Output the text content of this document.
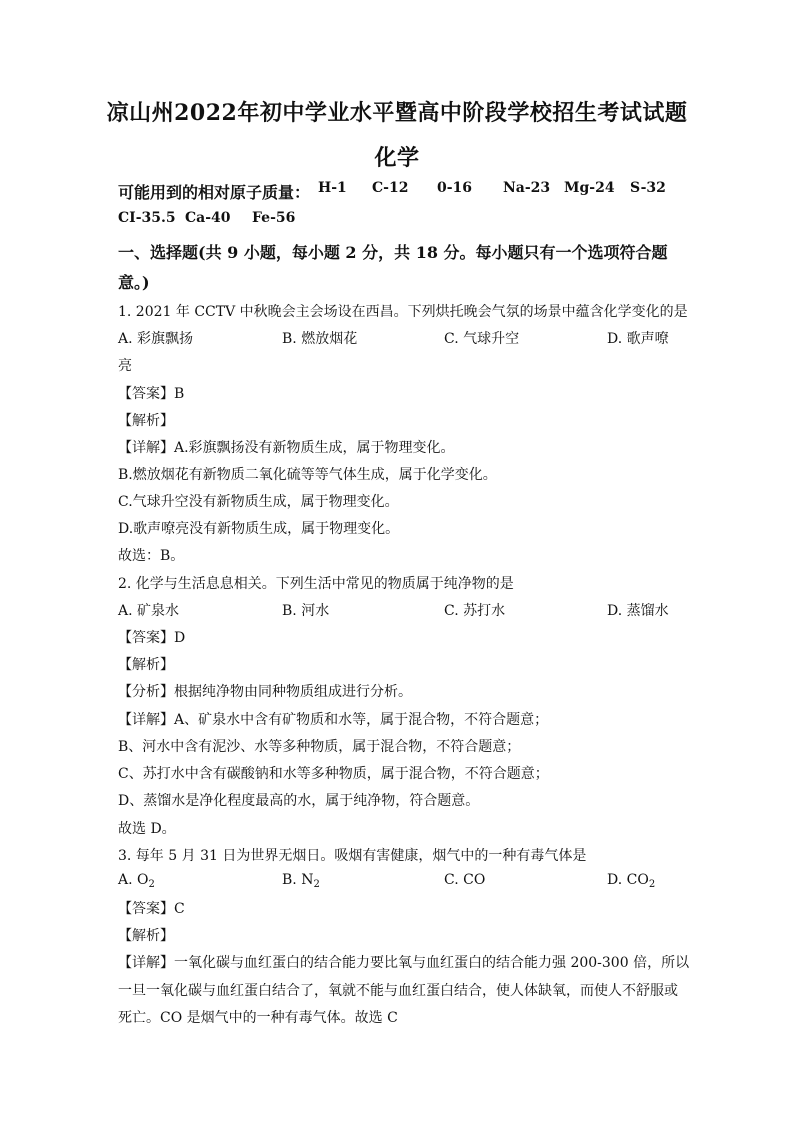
凉山州2022年初中学业水平暨高中阶段学校招生考试试题
化学
可能用到的相对原子质量： H-1 C-12 0-16 Na-23 Mg-24 S-32
CI-35.5 Ca-40 Fe-56
一、选择题(共 9 小题，每小题 2 分，共 18 分。每小题只有一个选项符合题
意。)
1. 2021 年 CCTV 中秋晚会主会场设在西昌。下列烘托晚会气氛的场景中蕴含化学变化的是
A. 彩旗飘扬	B. 燃放烟花	C. 气球升空	D. 歌声嘹
亮
【答案】B
【解析】
【详解】A.彩旗飘扬没有新物质生成，属于物理变化。
B.燃放烟花有新物质二氧化硫等等气体生成，属于化学变化。
C.气球升空没有新物质生成，属于物理变化。
D.歌声嘹亮没有新物质生成，属于物理变化。
故选：B。
2. 化学与生活息息相关。下列生活中常见的物质属于纯净物的是
A. 矿泉水	B. 河水	C. 苏打水	D. 蒸馏水
【答案】D
【解析】
【分析】根据纯净物由同种物质组成进行分析。
【详解】A、矿泉水中含有矿物质和水等，属于混合物，不符合题意；
B、河水中含有泥沙、水等多种物质，属于混合物，不符合题意；
C、苏打水中含有碳酸钠和水等多种物质，属于混合物，不符合题意；
D、蒸馏水是净化程度最高的水，属于纯净物，符合题意。
故选 D。
3. 每年 5 月 31 日为世界无烟日。吸烟有害健康，烟气中的一种有毒气体是
A. $O_2$	B. $N_2$	C. CO	D. $CO_2$
【答案】C
【解析】
【详解】一氧化碳与血红蛋白的结合能力要比氧与血红蛋白的结合能力强 200-300 倍，所以
一旦一氧化碳与血红蛋白结合了，氧就不能与血红蛋白结合，使人体缺氧，而使人不舒服或
死亡。CO 是烟气中的一种有毒气体。故选 C
